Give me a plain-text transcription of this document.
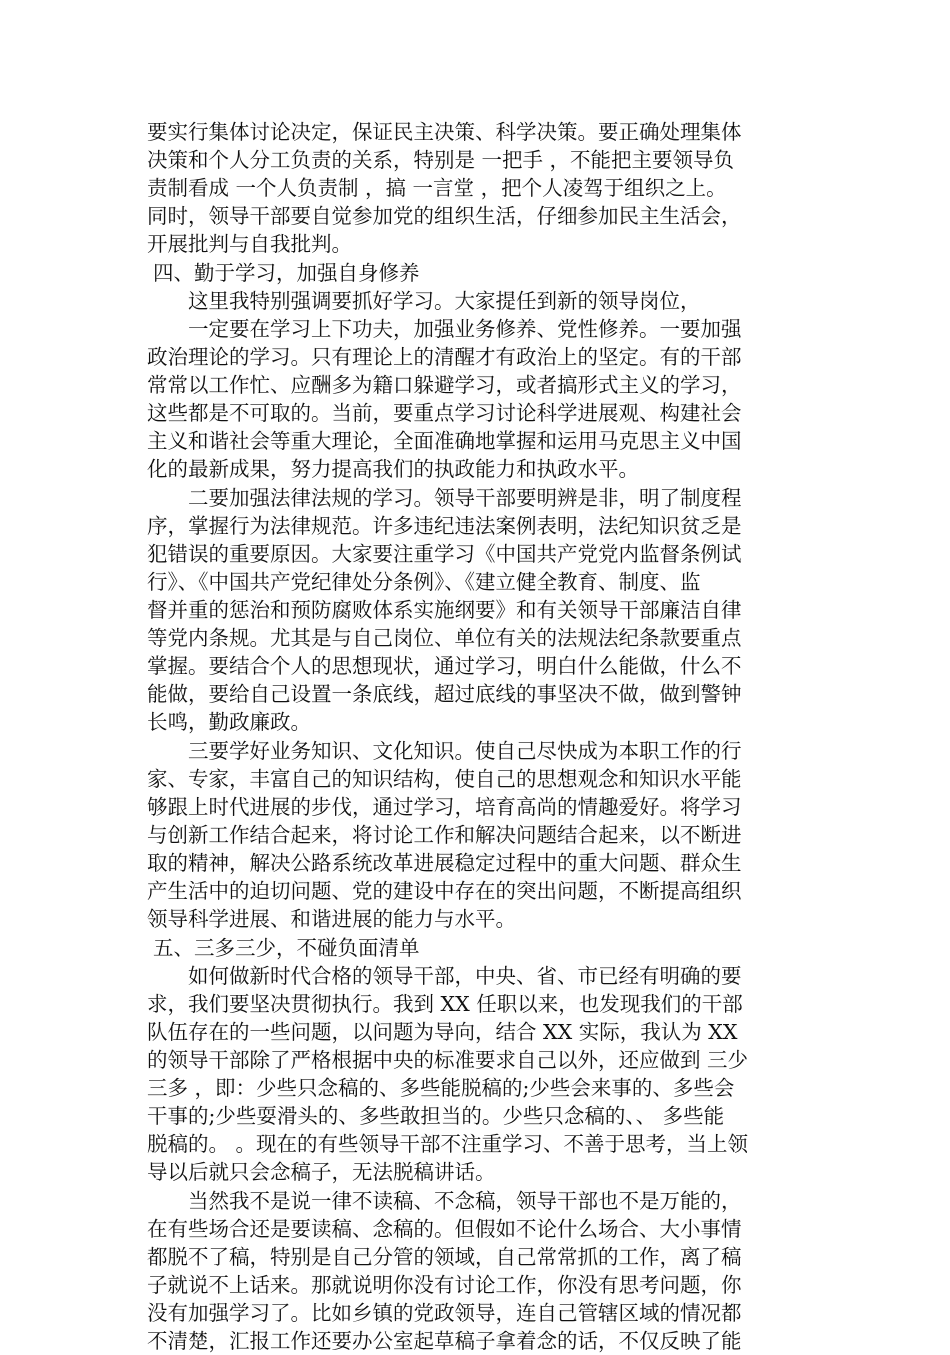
要实行集体讨论决定，保证民主决策、科学决策。要正确处理集体
决策和个人分工负责的关系，特别是 一把手 ，不能把主要领导负
责制看成 一个人负责制 ，搞 一言堂 ，把个人凌驾于组织之上。
同时，领导干部要自觉参加党的组织生活，仔细参加民主生活会，
开展批判与自我批判。
四、勤于学习，加强自身修养
这里我特别强调要抓好学习。大家提任到新的领导岗位，
一定要在学习上下功夫，加强业务修养、党性修养。一要加强
政治理论的学习。只有理论上的清醒才有政治上的坚定。有的干部
常常以工作忙、应酬多为籍口躲避学习，或者搞形式主义的学习，
这些都是不可取的。当前，要重点学习讨论科学进展观、构建社会
主义和谐社会等重大理论，全面准确地掌握和运用马克思主义中国
化的最新成果，努力提高我们的执政能力和执政水平。
二要加强法律法规的学习。领导干部要明辨是非，明了制度程
序，掌握行为法律规范。许多违纪违法案例表明，法纪知识贫乏是
犯错误的重要原因。大家要注重学习《中国共产党党内监督条例试
行》、《中国共产党纪律处分条例》、《建立健全教育、制度、监
督并重的惩治和预防腐败体系实施纲要》和有关领导干部廉洁自律
等党内条规。尤其是与自己岗位、单位有关的法规法纪条款要重点
掌握。要结合个人的思想现状，通过学习，明白什么能做，什么不
能做，要给自己设置一条底线，超过底线的事坚决不做，做到警钟
长鸣，勤政廉政。
三要学好业务知识、文化知识。使自己尽快成为本职工作的行
家、专家，丰富自己的知识结构，使自己的思想观念和知识水平能
够跟上时代进展的步伐，通过学习，培育高尚的情趣爱好。将学习
与创新工作结合起来，将讨论工作和解决问题结合起来，以不断进
取的精神，解决公路系统改革进展稳定过程中的重大问题、群众生
产生活中的迫切问题、党的建设中存在的突出问题，不断提高组织
领导科学进展、和谐进展的能力与水平。
五、三多三少，不碰负面清单
如何做新时代合格的领导干部，中央、省、市已经有明确的要
求，我们要坚决贯彻执行。我到 XX 任职以来，也发现我们的干部
队伍存在的一些问题，以问题为导向，结合 XX 实际，我认为 XX
的领导干部除了严格根据中央的标准要求自己以外，还应做到 三少
三多 ，即：少些只念稿的、多些能脱稿的;少些会来事的、多些会
干事的;少些耍滑头的、多些敢担当的。少些只念稿的、、 多些能
脱稿的。 。现在的有些领导干部不注重学习、不善于思考，当上领
导以后就只会念稿子，无法脱稿讲话。
当然我不是说一律不读稿、不念稿，领导干部也不是万能的，
在有些场合还是要读稿、念稿的。但假如不论什么场合、大小事情
都脱不了稿，特别是自己分管的领域，自己常常抓的工作，离了稿
子就说不上话来。那就说明你没有讨论工作，你没有思考问题，你
没有加强学习了。比如乡镇的党政领导，连自己管辖区域的情况都
不清楚，汇报工作还要办公室起草稿子拿着念的话，不仅反映了能
